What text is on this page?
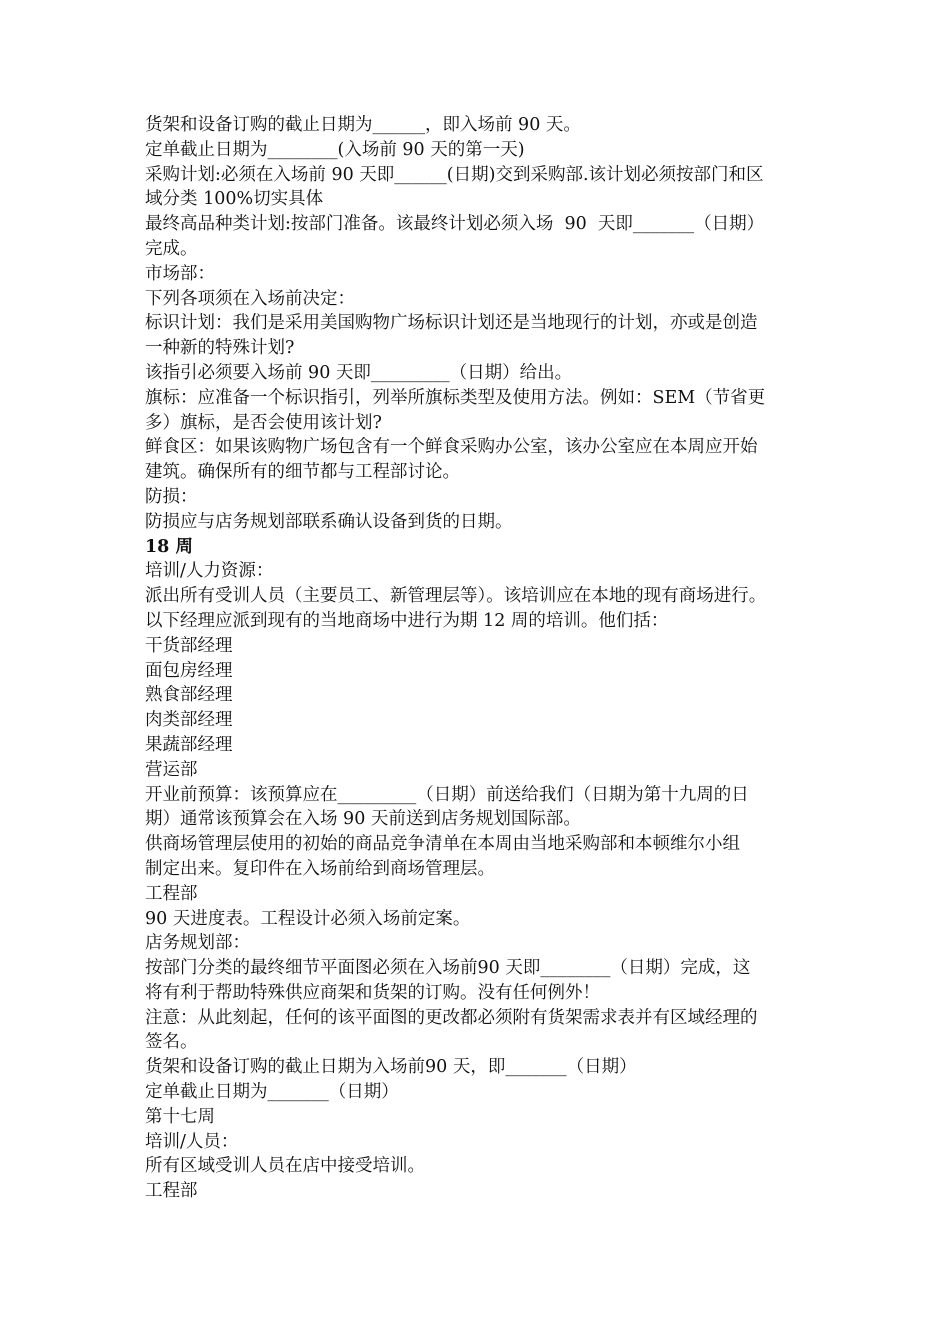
货架和设备订购的截止日期为______，即入场前 90 天。
定单截止日期为________(入场前 90 天的第一天)
采购计划:必须在入场前 90 天即______(日期)交到采购部.该计划必须按部门和区
域分类 100%切实具体
最终高品种类计划:按部门准备。该最终计划必须入场  90  天即_______（日期）
完成。
市场部：
下列各项须在入场前决定：
标识计划：我们是采用美国购物广场标识计划还是当地现行的计划，亦或是创造
一种新的特殊计划?
该指引必须要入场前 90 天即_________（日期）给出。
旗标：应准备一个标识指引，列举所旗标类型及使用方法。例如：SEM（节省更
多）旗标，是否会使用该计划?
鲜食区：如果该购物广场包含有一个鲜食采购办公室，该办公室应在本周应开始
建筑。确保所有的细节都与工程部讨论。
防损：
防损应与店务规划部联系确认设备到货的日期。
18 周
培训/人力资源：
派出所有受训人员（主要员工、新管理层等）。该培训应在本地的现有商场进行。
以下经理应派到现有的当地商场中进行为期 12 周的培训。他们括：
干货部经理
面包房经理
熟食部经理
肉类部经理
果蔬部经理
营运部
开业前预算：该预算应在_________（日期）前送给我们（日期为第十九周的日
期）通常该预算会在入场 90 天前送到店务规划国际部。
供商场管理层使用的初始的商品竞争清单在本周由当地采购部和本顿维尔小组
制定出来。复印件在入场前给到商场管理层。
工程部
90 天进度表。工程设计必须入场前定案。
店务规划部：
按部门分类的最终细节平面图必须在入场前90 天即________（日期）完成，这
将有利于帮助特殊供应商架和货架的订购。没有任何例外！
注意：从此刻起，任何的该平面图的更改都必须附有货架需求表并有区域经理的
签名。
货架和设备订购的截止日期为入场前90 天，即_______（日期）
定单截止日期为_______（日期）
第十七周
培训/人员：
所有区域受训人员在店中接受培训。
工程部
